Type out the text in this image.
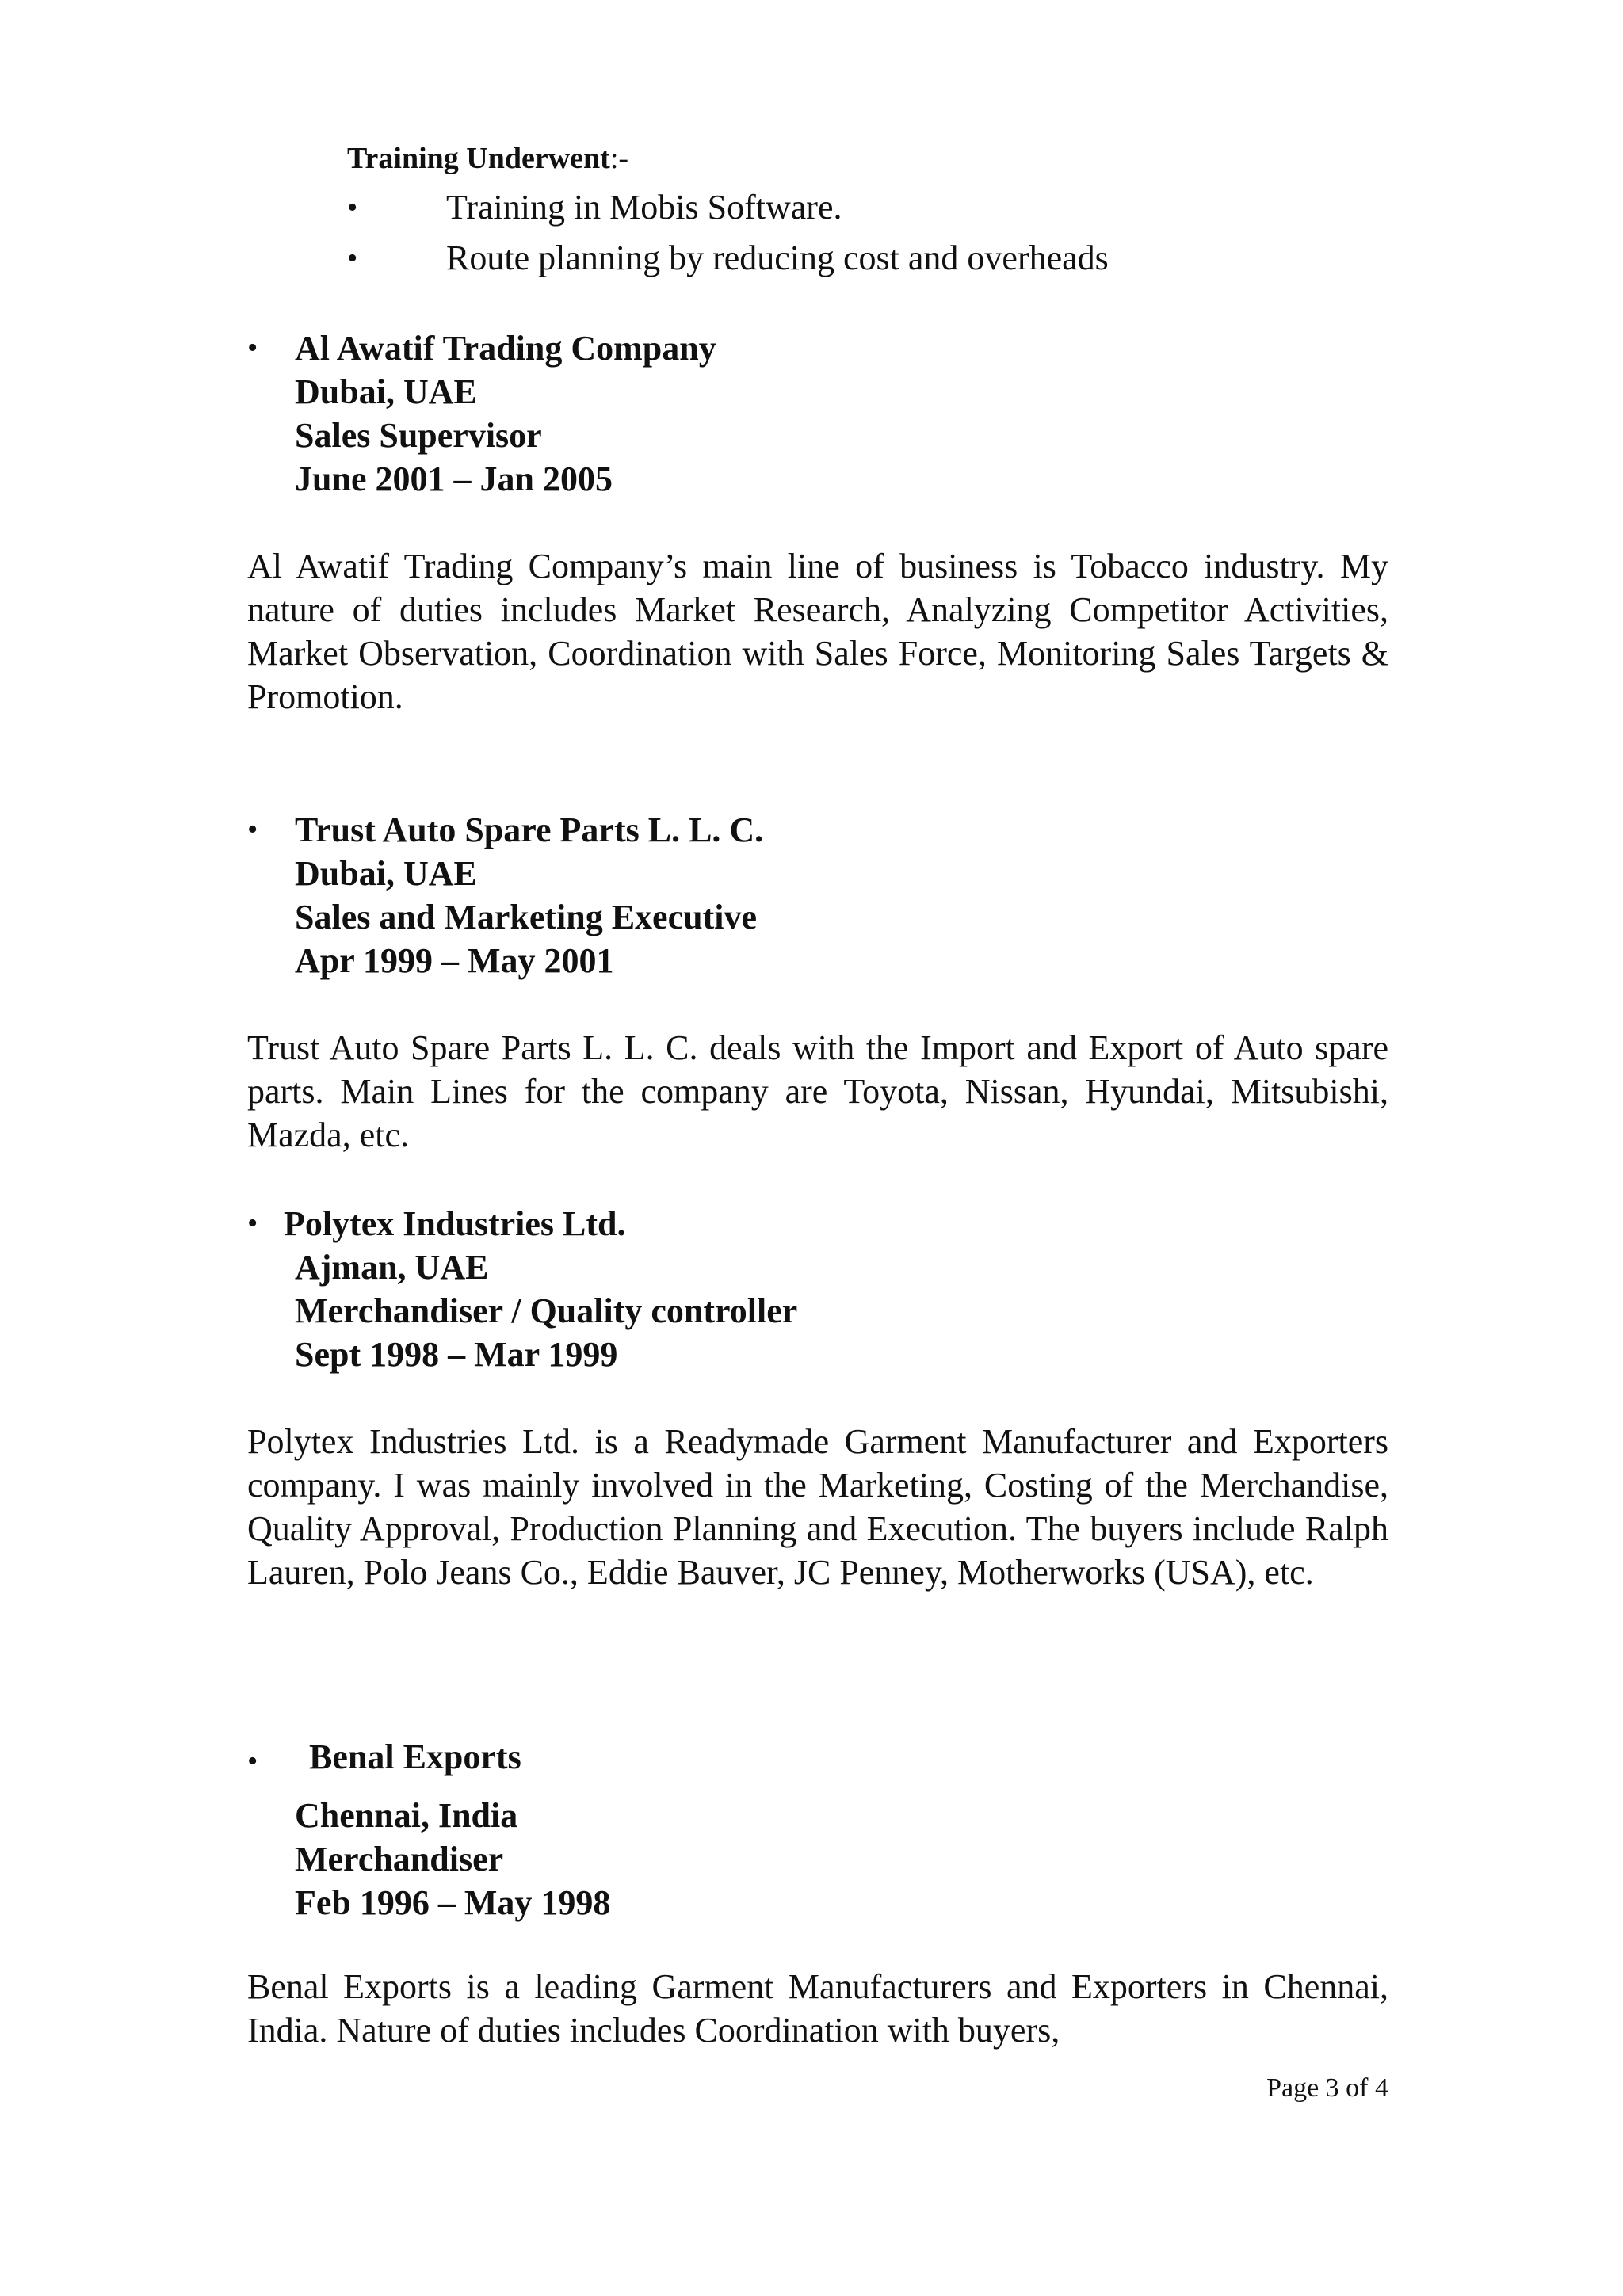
Training Underwent:-
•	Training in Mobis Software.
•	Route planning by reducing cost and overheads
• Al Awatif Trading Company
Dubai, UAE
Sales Supervisor
June 2001 – Jan 2005

Al Awatif Trading Company’s main line of business is Tobacco industry. My nature of duties includes Market Research, Analyzing Competitor Activities, Market Observation, Coordination with Sales Force, Monitoring Sales Targets & Promotion.

• Trust Auto Spare Parts L. L. C.
Dubai, UAE
Sales and Marketing Executive
Apr 1999 – May 2001

Trust Auto Spare Parts L. L. C. deals with the Import and Export of Auto spare parts. Main Lines for the company are Toyota, Nissan, Hyundai, Mitsubishi, Mazda, etc.

• Polytex Industries Ltd.
Ajman, UAE
Merchandiser / Quality controller
Sept 1998 – Mar 1999

Polytex Industries Ltd. is a Readymade Garment Manufacturer and Exporters company. I was mainly involved in the Marketing, Costing of the Merchandise, Quality Approval, Production Planning and Execution. The buyers include Ralph Lauren, Polo Jeans Co., Eddie Bauver, JC Penney, Motherworks (USA), etc.

• Benal Exports
Chennai, India
Merchandiser
Feb 1996 – May 1998

Benal Exports is a leading Garment Manufacturers and Exporters in Chennai, India. Nature of duties includes Coordination with buyers,

Page 3 of 4
